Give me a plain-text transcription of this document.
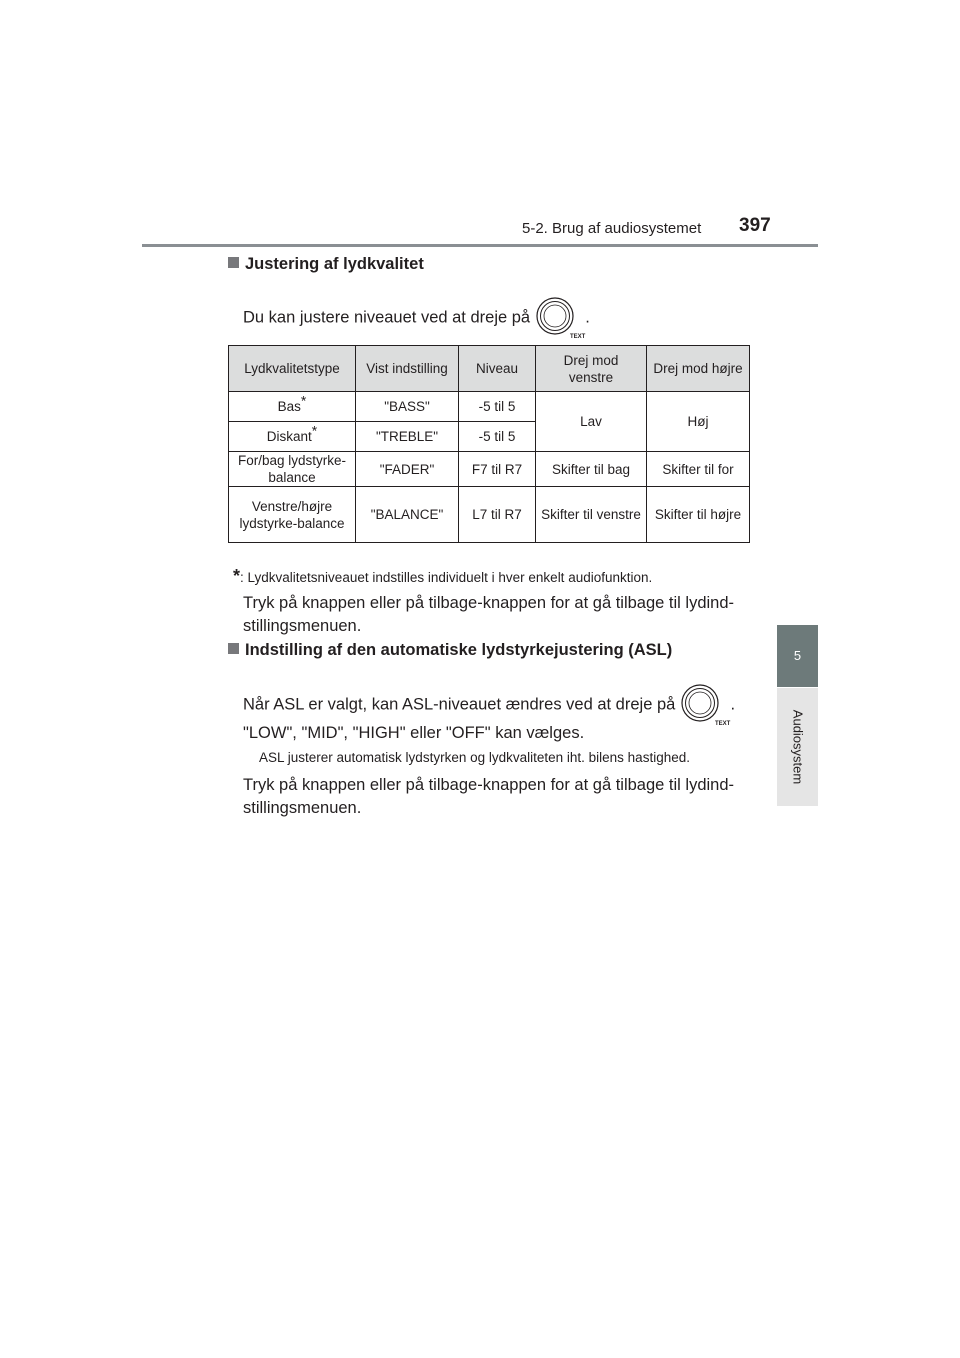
5-2. Brug af audiosystemet 397
5
Audiosystem
Justering af lydkvalitet
Du kan justere niveauet ved at dreje på
TEXT
.
Lydkvalitetstype	Vist indstilling	Niveau	Drej mod venstre	Drej mod højre
Bas*	"BASS"	-5 til 5	Lav	Høj
Diskant*	"TREBLE"	-5 til 5		
For/bag lydstyrke-balance	"FADER"	F7 til R7	Skifter til bag	Skifter til for
Venstre/højre lydstyrke-balance	"BALANCE"	L7 til R7	Skifter til venstre	Skifter til højre
*: Lydkvalitetsniveauet indstilles individuelt i hver enkelt audiofunktion.
Tryk på knappen eller på tilbage-knappen for at gå tilbage til lydind-stillingsmenuen.
Indstilling af den automatiske lydstyrkejustering (ASL)
Når ASL er valgt, kan ASL-niveauet ændres ved at dreje på
TEXT
.
"LOW", "MID", "HIGH" eller "OFF" kan vælges.
ASL justerer automatisk lydstyrken og lydkvaliteten iht. bilens hastighed.
Tryk på knappen eller på tilbage-knappen for at gå tilbage til lydind-stillingsmenuen.
